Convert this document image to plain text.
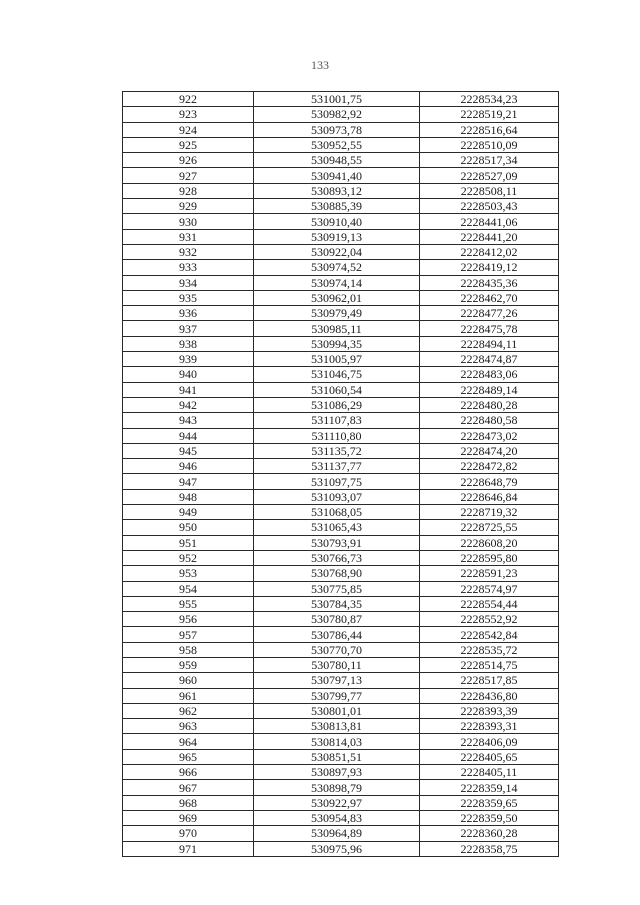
133
922	531001,75	2228534,23
923	530982,92	2228519,21
924	530973,78	2228516,64
925	530952,55	2228510,09
926	530948,55	2228517,34
927	530941,40	2228527,09
928	530893,12	2228508,11
929	530885,39	2228503,43
930	530910,40	2228441,06
931	530919,13	2228441,20
932	530922,04	2228412,02
933	530974,52	2228419,12
934	530974,14	2228435,36
935	530962,01	2228462,70
936	530979,49	2228477,26
937	530985,11	2228475,78
938	530994,35	2228494,11
939	531005,97	2228474,87
940	531046,75	2228483,06
941	531060,54	2228489,14
942	531086,29	2228480,28
943	531107,83	2228480,58
944	531110,80	2228473,02
945	531135,72	2228474,20
946	531137,77	2228472,82
947	531097,75	2228648,79
948	531093,07	2228646,84
949	531068,05	2228719,32
950	531065,43	2228725,55
951	530793,91	2228608,20
952	530766,73	2228595,80
953	530768,90	2228591,23
954	530775,85	2228574,97
955	530784,35	2228554,44
956	530780,87	2228552,92
957	530786,44	2228542,84
958	530770,70	2228535,72
959	530780,11	2228514,75
960	530797,13	2228517,85
961	530799,77	2228436,80
962	530801,01	2228393,39
963	530813,81	2228393,31
964	530814,03	2228406,09
965	530851,51	2228405,65
966	530897,93	2228405,11
967	530898,79	2228359,14
968	530922,97	2228359,65
969	530954,83	2228359,50
970	530964,89	2228360,28
971	530975,96	2228358,75
